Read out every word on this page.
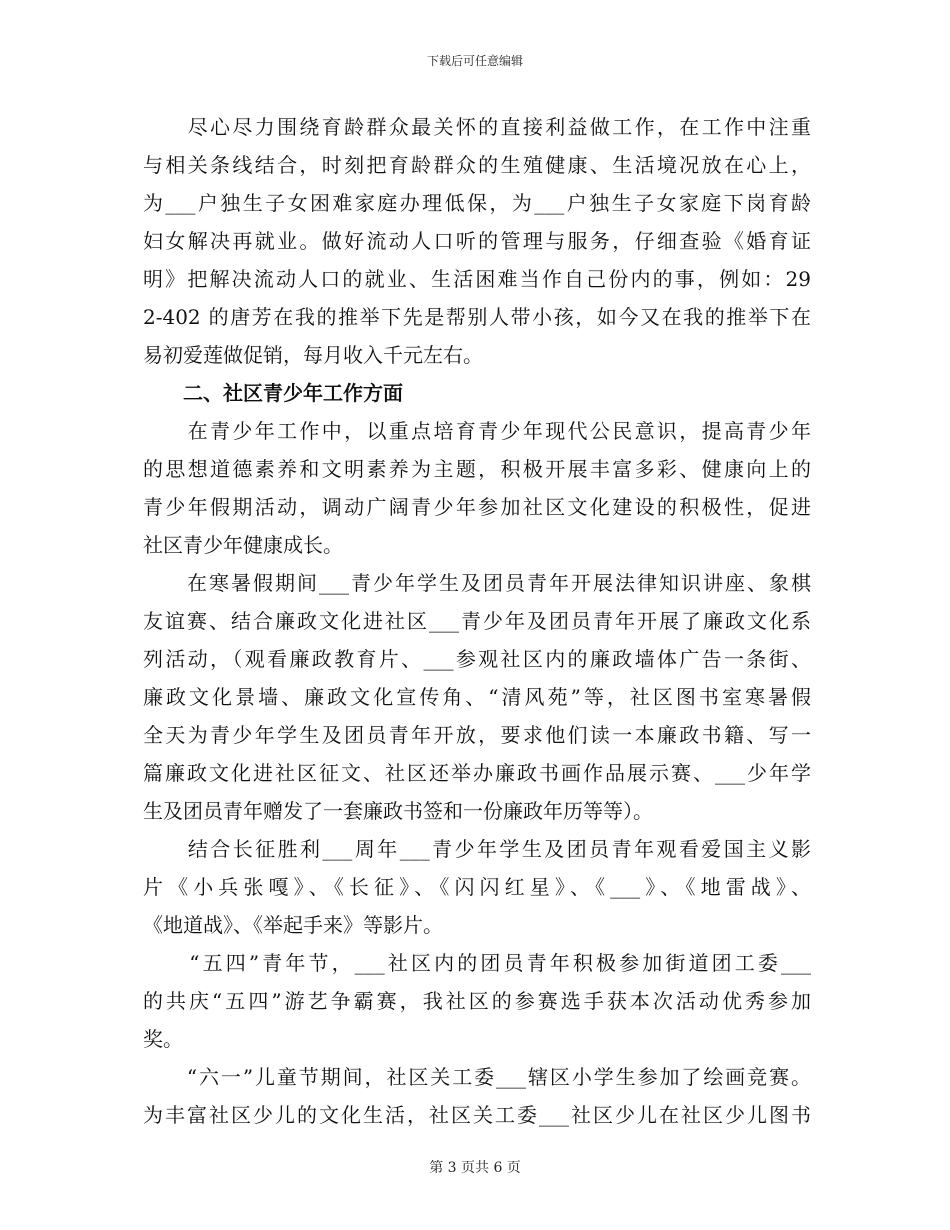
下载后可任意编辑
　　尽心尽力围绕育龄群众最关怀的直接利益做工作，在工作中注重
与相关条线结合，时刻把育龄群众的生殖健康、生活境况放在心上，
为___户独生子女困难家庭办理低保，为___户独生子女家庭下岗育龄
妇女解决再就业。做好流动人口听的管理与服务，仔细查验《婚育证
明》把解决流动人口的就业、生活困难当作自己份内的事，例如：29
2-402 的唐芳在我的推举下先是帮别人带小孩，如今又在我的推举下在
易初爱莲做促销，每月收入千元左右。
　　二、社区青少年工作方面
　　在青少年工作中，以重点培育青少年现代公民意识，提高青少年
的思想道德素养和文明素养为主题，积极开展丰富多彩、健康向上的
青少年假期活动，调动广阔青少年参加社区文化建设的积极性，促进
社区青少年健康成长。
　　在寒暑假期间___青少年学生及团员青年开展法律知识讲座、象棋
友谊赛、结合廉政文化进社区___青少年及团员青年开展了廉政文化系
列活动，（观看廉政教育片、___参观社区内的廉政墙体广告一条街、
廉政文化景墙、廉政文化宣传角、“清风苑”等，社区图书室寒暑假
全天为青少年学生及团员青年开放，要求他们读一本廉政书籍、写一
篇廉政文化进社区征文、社区还举办廉政书画作品展示赛、___少年学
生及团员青年赠发了一套廉政书签和一份廉政年历等等）。
　　结合长征胜利___周年___青少年学生及团员青年观看爱国主义影
片《小兵张嘎》、《长征》、《闪闪红星》、《___》、《地雷战》、
《地道战》、《举起手来》等影片。
　　“五四”青年节，___社区内的团员青年积极参加街道团工委___
的共庆“五四”游艺争霸赛，我社区的参赛选手获本次活动优秀参加
奖。
　　“六一”儿童节期间，社区关工委___辖区小学生参加了绘画竞赛。
为丰富社区少儿的文化生活，社区关工委___社区少儿在社区少儿图书
第 3 页共 6 页
